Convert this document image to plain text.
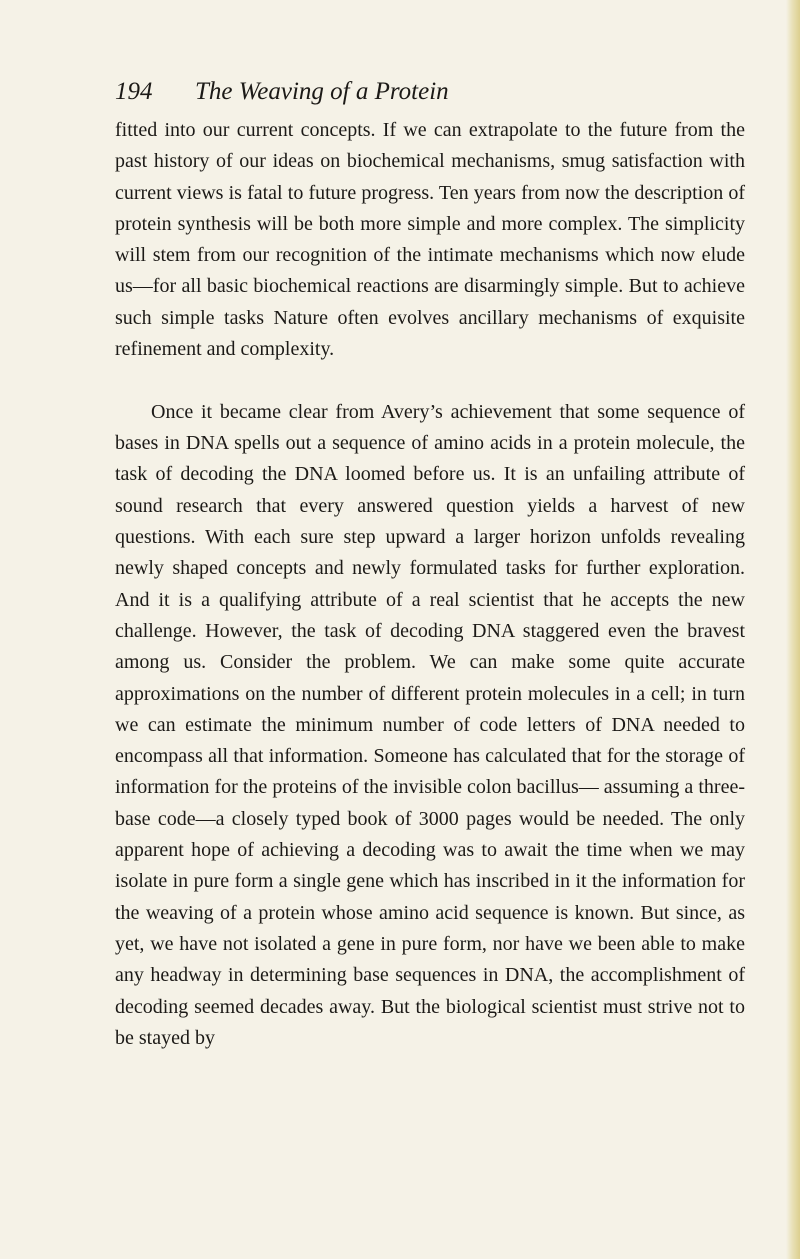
194 The Weaving of a Protein

fitted into our current concepts. If we can extrapolate to the future from the past history of our ideas on biochemical mechanisms, smug satisfaction with current views is fatal to future progress. Ten years from now the description of protein synthesis will be both more simple and more complex. The simplicity will stem from our recognition of the intimate mechanisms which now elude us—for all basic biochemical reactions are disarmingly simple. But to achieve such simple tasks Nature often evolves ancillary mechanisms of exquisite refinement and complexity.

Once it became clear from Avery’s achievement that some sequence of bases in DNA spells out a sequence of amino acids in a protein molecule, the task of decoding the DNA loomed before us. It is an unfailing attribute of sound research that every answered question yields a harvest of new questions. With each sure step upward a larger horizon unfolds revealing newly shaped concepts and newly formulated tasks for further exploration. And it is a qualifying attribute of a real scientist that he accepts the new challenge. However, the task of decoding DNA staggered even the bravest among us. Consider the problem. We can make some quite accurate approximations on the number of different protein molecules in a cell; in turn we can estimate the minimum number of code letters of DNA needed to encompass all that information. Someone has calculated that for the storage of information for the proteins of the invisible colon bacillus— assuming a three-base code—a closely typed book of 3000 pages would be needed. The only apparent hope of achieving a decoding was to await the time when we may isolate in pure form a single gene which has inscribed in it the information for the weaving of a protein whose amino acid sequence is known. But since, as yet, we have not isolated a gene in pure form, nor have we been able to make any headway in determining base sequences in DNA, the accomplishment of decoding seemed decades away. But the biological scientist must strive not to be stayed by
